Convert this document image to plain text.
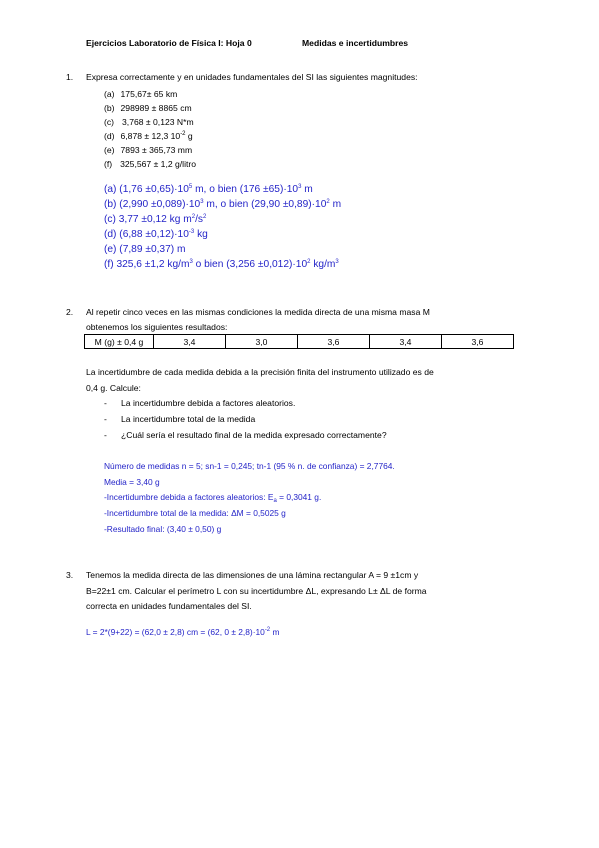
Ejercicios Laboratorio de Física I: Hoja 0	Medidas e incertidumbres
1. Expresa correctamente y en unidades fundamentales del SI las siguientes magnitudes:
(a) 175,67± 65 km
(b) 298989 ± 8865 cm
(c) 3,768 ± 0,123 N*m
(d) 6,878 ± 12,3 $10^{-2}$ g
(e) 7893 ± 365,73 mm
(f) 325,567 ± 1,2 g/litro
(a) $(1,76 \pm 0,65)\cdot 10^5$ m, o bien $(176 \pm 65)\cdot 10^3$ m
(b) $(2,990 \pm 0,089)\cdot 10^3$ m, o bien $(29,90 \pm 0,89)\cdot 10^2$ m
(c) 3,77 ±0,12 kg $m^2/s^2$
(d) $(6,88 \pm 0,12)\cdot 10^{-3}$ kg
(e) (7,89 ±0,37) m
(f) 325,6 ±1,2 $kg/m^3$ o bien $(3,256 \pm 0,012)\cdot 10^2$ $kg/m^3$
2. Al repetir cinco veces en las mismas condiciones la medida directa de una misma masa M
obtenemos los siguientes resultados:
M (g) ± 0,4 g	3,4	3,0	3,6	3,4	3,6
La incertidumbre de cada medida debida a la precisión finita del instrumento utilizado es de
0,4 g. Calcule:
- La incertidumbre debida a factores aleatorios.
- La incertidumbre total de la medida
- ¿Cuál sería el resultado final de la medida expresado correctamente?
Número de medidas n = 5; sn-1 = 0,245; tn-1 (95 % n. de confianza) = 2,7764.
Media = 3,40 g
-Incertidumbre debida a factores aleatorios: $E_a = 0,3041$ g.
-Incertidumbre total de la medida: ΔM = 0,5025 g
-Resultado final: (3,40 ± 0,50) g
3. Tenemos la medida directa de las dimensiones de una lámina rectangular A = 9 ±1cm y
B=22±1 cm. Calcular el perímetro L con su incertidumbre ΔL, expresando L± ΔL de forma
correcta en unidades fundamentales del SI.
L = 2*(9+22) = (62,0 ± 2,8) cm = (62, $0 \pm 2,8)\cdot 10^{-2}$ m
